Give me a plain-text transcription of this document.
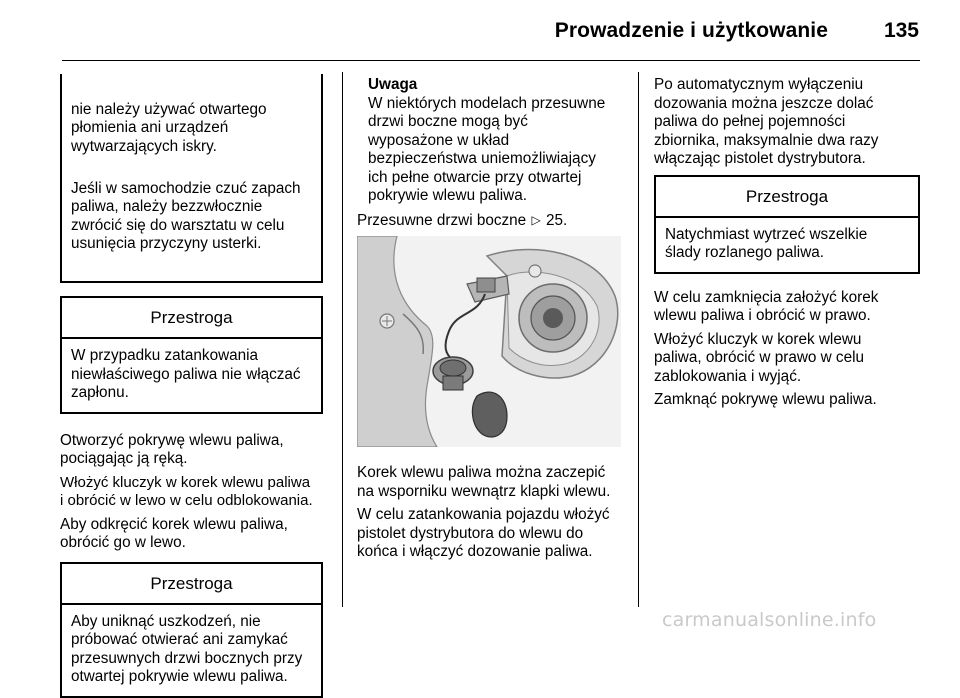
Prowadzenie i użytkowanie	135

nie należy używać otwartego
płomienia ani urządzeń
wytwarzających iskry.

Jeśli w samochodzie czuć zapach
paliwa, należy bezzwłocznie
zwrócić się do warsztatu w celu
usunięcia przyczyny usterki.

Przestroga
W przypadku zatankowania
niewłaściwego paliwa nie włączać
zapłonu.

Otworzyć pokrywę wlewu paliwa,
pociągając ją ręką.

Włożyć kluczyk w korek wlewu paliwa
i obrócić w lewo w celu odblokowania.

Aby odkręcić korek wlewu paliwa,
obrócić go w lewo.

Przestroga
Aby uniknąć uszkodzeń, nie
próbować otwierać ani zamykać
przesuwnych drzwi bocznych przy
otwartej pokrywie wlewu paliwa.
Uwaga

W niektórych modelach przesuwne
drzwi boczne mogą być
wyposażone w układ
bezpieczeństwa uniemożliwiający
ich pełne otwarcie przy otwartej
pokrywie wlewu paliwa.

Przesuwne drzwi boczne ▷ 25.

Korek wlewu paliwa można zaczepić
na wsporniku wewnątrz klapki wlewu.

W celu zatankowania pojazdu włożyć
pistolet dystrybutora do wlewu do
końca i włączyć dozowanie paliwa.

Po automatycznym wyłączeniu
dozowania można jeszcze dolać
paliwa do pełnej pojemności
zbiornika, maksymalnie dwa razy
włączając pistolet dystrybutora.

Przestroga
Natychmiast wytrzeć wszelkie
ślady rozlanego paliwa.

W celu zamknięcia założyć korek
wlewu paliwa i obrócić w prawo.

Włożyć kluczyk w korek wlewu
paliwa, obrócić w prawo w celu
zablokowania i wyjąć.

Zamknąć pokrywę wlewu paliwa.

carmanualsonline.info
